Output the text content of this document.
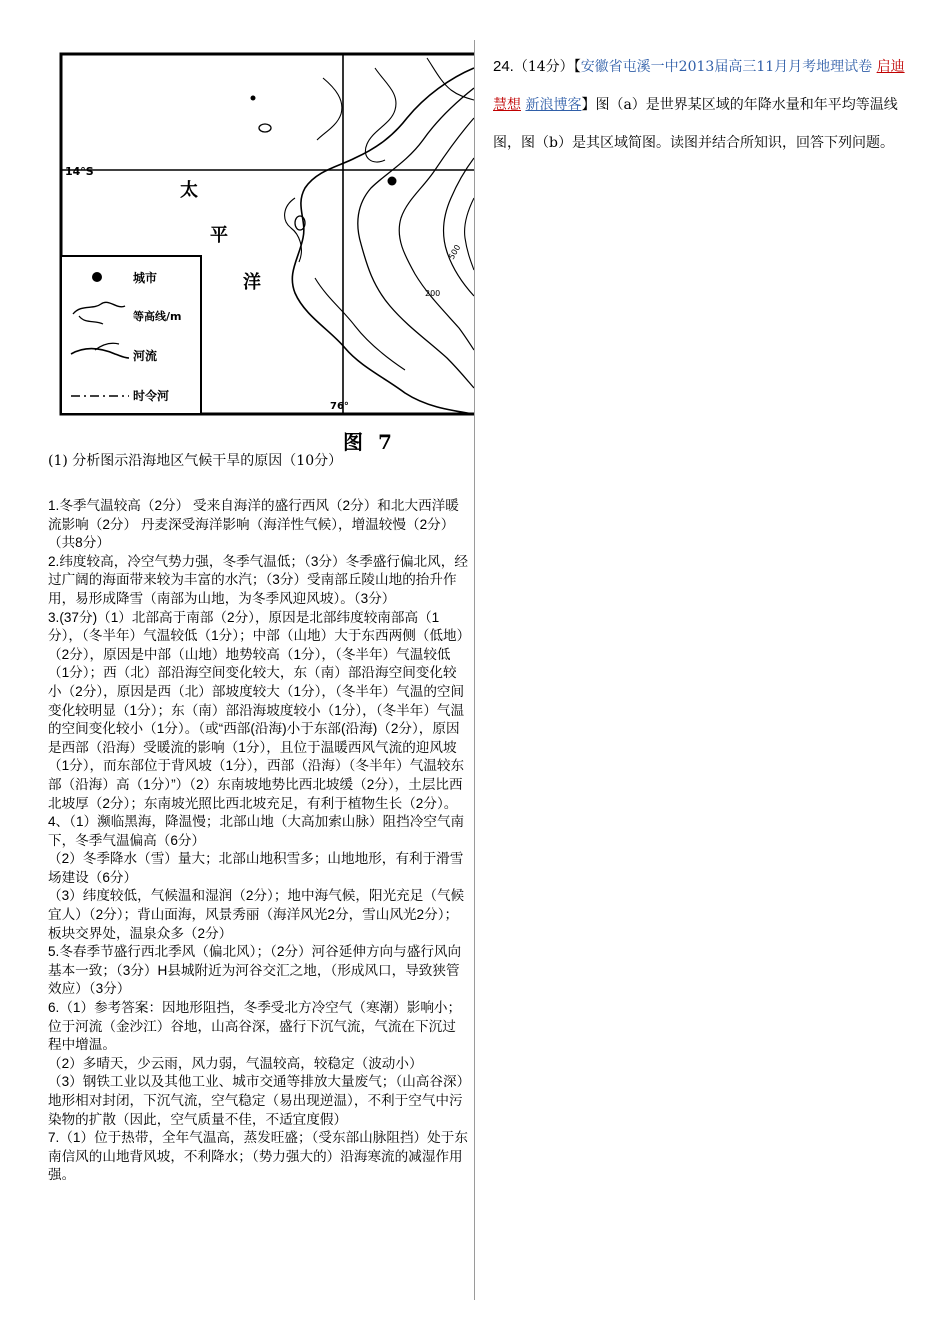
14°S
76°
500
200
太
平
洋
城市
等高线/m
河流
时令河
图 7
(1) 分析图示沿海地区气候干旱的原因（10分）

1.冬季气温较高（2分） 受来自海洋的盛行西风（2分）和北大西洋暖流影响（2分） 丹麦深受海洋影响（海洋性气候），增温较慢（2分） （共8分）

2.纬度较高，冷空气势力强，冬季气温低；（3分）冬季盛行偏北风，经过广阔的海面带来较为丰富的水汽；（3分）受南部丘陵山地的抬升作用，易形成降雪（南部为山地，为冬季风迎风坡）。（3分）

3.(37分)（1）北部高于南部（2分），原因是北部纬度较南部高（1分），（冬半年）气温较低（1分）；中部（山地）大于东西两侧（低地）（2分），原因是中部（山地）地势较高（1分），（冬半年）气温较低（1分）；西（北）部沿海空间变化较大，东（南）部沿海空间变化较小（2分），原因是西（北）部坡度较大（1分），（冬半年）气温的空间变化较明显（1分）；东（南）部沿海坡度较小（1分），（冬半年）气温的空间变化较小（1分）。（或“西部(沿海)小于东部(沿海)（2分），原因是西部（沿海）受暖流的影响（1分），且位于温暖西风气流的迎风坡（1分），而东部位于背风坡（1分），西部（沿海）（冬半年）气温较东部（沿海）高（1分）”）（2）东南坡地势比西北坡缓（2分），土层比西北坡厚（2分）；东南坡光照比西北坡充足，有利于植物生长（2分）。

4、（1）濒临黑海，降温慢；北部山地（大高加索山脉）阻挡冷空气南下，冬季气温偏高（6分）

（2）冬季降水（雪）量大；北部山地积雪多；山地地形，有利于滑雪场建设（6分）

（3）纬度较低，气候温和湿润（2分）；地中海气候，阳光充足（气候宜人）（2分）；背山面海，风景秀丽（海洋风光2分，雪山风光2分）；板块交界处，温泉众多（2分）

5.冬春季节盛行西北季风（偏北风）；（2分）河谷延伸方向与盛行风向基本一致；（3分）H县城附近为河谷交汇之地，（形成风口，导致狭管效应）（3分）

6.（1）参考答案：因地形阻挡，冬季受北方冷空气（寒潮）影响小；位于河流（金沙江）谷地，山高谷深，盛行下沉气流，气流在下沉过程中增温。

（2）多晴天，少云雨，风力弱，气温较高，较稳定（波动小）

（3）钢铁工业以及其他工业、城市交通等排放大量废气；（山高谷深）地形相对封闭，下沉气流，空气稳定（易出现逆温），不利于空气中污染物的扩散（因此，空气质量不佳，不适宜度假）

7.（1）位于热带，全年气温高，蒸发旺盛；（受东部山脉阻挡）处于东南信风的山地背风坡，不利降水；（势力强大的）沿海寒流的减湿作用强。

24.（14分）【安徽省屯溪一中2013届高三11月月考地理试卷 启迪慧想 新浪博客】图（a）是世界某区域的年降水量和年平均等温线图，图（b）是其区域简图。读图并结合所知识，回答下列问题。
